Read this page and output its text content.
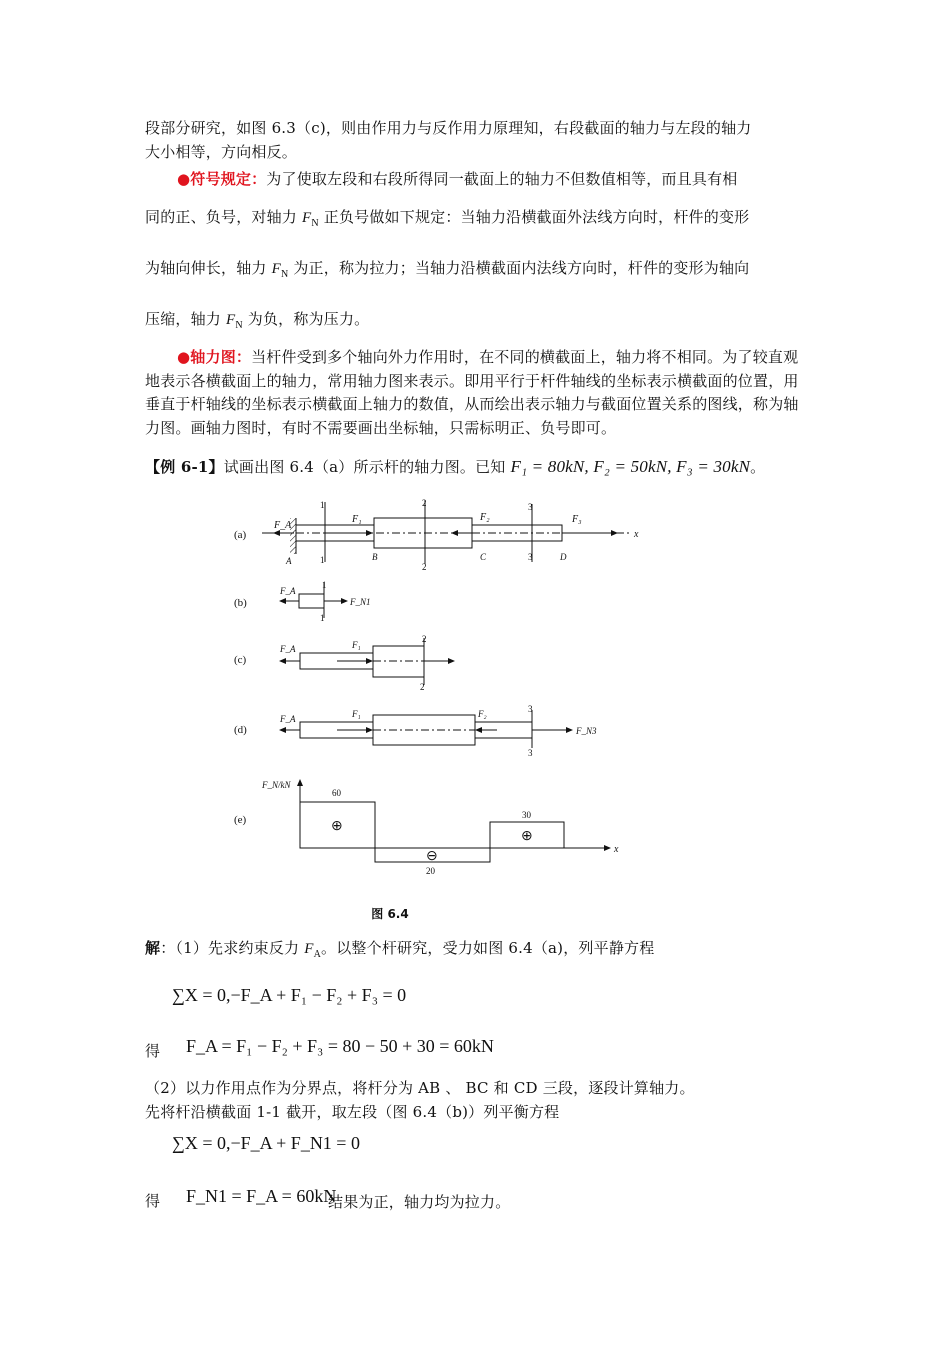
段部分研究，如图 6.3（c)，则由作用力与反作用力原理知，右段截面的轴力与左段的轴力
大小相等，方向相反。
●符号规定：为了使取左段和右段所得同一截面上的轴力不但数值相等，而且具有相
同的正、负号，对轴力 $F_N$ 正负号做如下规定：当轴力沿横截面外法线方向时，杆件的变形
为轴向伸长，轴力 $F_N$ 为正，称为拉力；当轴力沿横截面内法线方向时，杆件的变形为轴向
压缩，轴力 $F_N$ 为负，称为压力。
●轴力图：当杆件受到多个轴向外力作用时，在不同的横截面上，轴力将不相同。为了较直观地表示各横截面上的轴力，常用轴力图来表示。即用平行于杆件轴线的坐标表示横截面的位置，用垂直于杆轴线的坐标表示横截面上轴力的数值，从而绘出表示轴力与截面位置关系的图线，称为轴力图。画轴力图时，有时不需要画出坐标轴，只需标明正、负号即可。
【例 6-1】试画出图 6.4（a）所示杆的轴力图。已知 F₁ = 80kN, F₂ = 50kN, F₃ = 30kN。
(a)
F_A
F₁	F₂	F₃
x
1
1
2
2
3
3
A	B	C	D
(b)
F_A
F_N1
1
1
(c)
F_A	F₁
2
2
(d)
F_A	F₁	F₂
F_N3
3
3
(e)
F_N/kN
x
60
20
30
⊕
⊖
⊕
图 6.4
解：（1）先求约束反力 $F_A$。以整个杆研究，受力如图 6.4（a)，列平静方程
∑X = 0,−F_A + F₁ − F₂ + F₃ = 0
得 F_A = F₁ − F₂ + F₃ = 80 − 50 + 30 = 60kN
（2）以力作用点作为分界点，将杆分为 AB 、 BC 和 CD 三段，逐段计算轴力。
先将杆沿横截面 1-1 截开，取左段（图 6.4（b)）列平衡方程
∑X = 0,−F_A + F_N1 = 0
得 F_N1 = F_A = 60kN
结果为正，轴力均为拉力。
